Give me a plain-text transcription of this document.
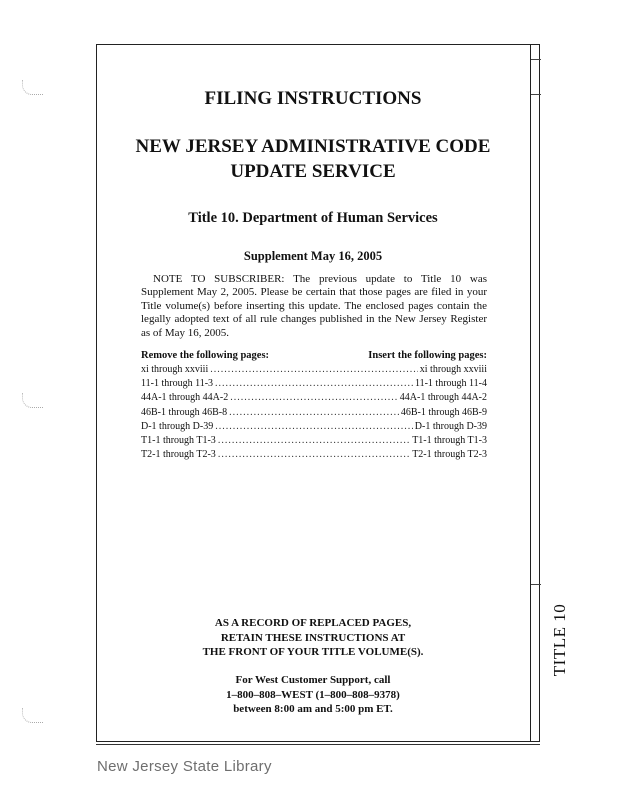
TITLE 10
FILING INSTRUCTIONS
NEW JERSEY ADMINISTRATIVE CODE
UPDATE SERVICE
Title 10. Department of Human Services
Supplement May 16, 2005
NOTE TO SUBSCRIBER: The previous update to Title 10 was Supplement May 2, 2005. Please be certain that those pages are filed in your Title volume(s) before inserting this update. The enclosed pages contain the legally adopted text of all rule changes published in the New Jersey Register as of May 16, 2005.
Remove the following pages:	Insert the following pages:
xi through xxviii .....	xi through xxviii
11-1 through 11-3 .....	11-1 through 11-4
44A-1 through 44A-2 .....	44A-1 through 44A-2
46B-1 through 46B-8 .....	46B-1 through 46B-9
D-1 through D-39 .....	D-1 through D-39
T1-1 through T1-3 .....	T1-1 through T1-3
T2-1 through T2-3 .....	T2-1 through T2-3
AS A RECORD OF REPLACED PAGES,
RETAIN THESE INSTRUCTIONS AT
THE FRONT OF YOUR TITLE VOLUME(S).
For West Customer Support, call
1–800–808–WEST (1–800–808–9378)
between 8:00 am and 5:00 pm ET.
New Jersey State Library
